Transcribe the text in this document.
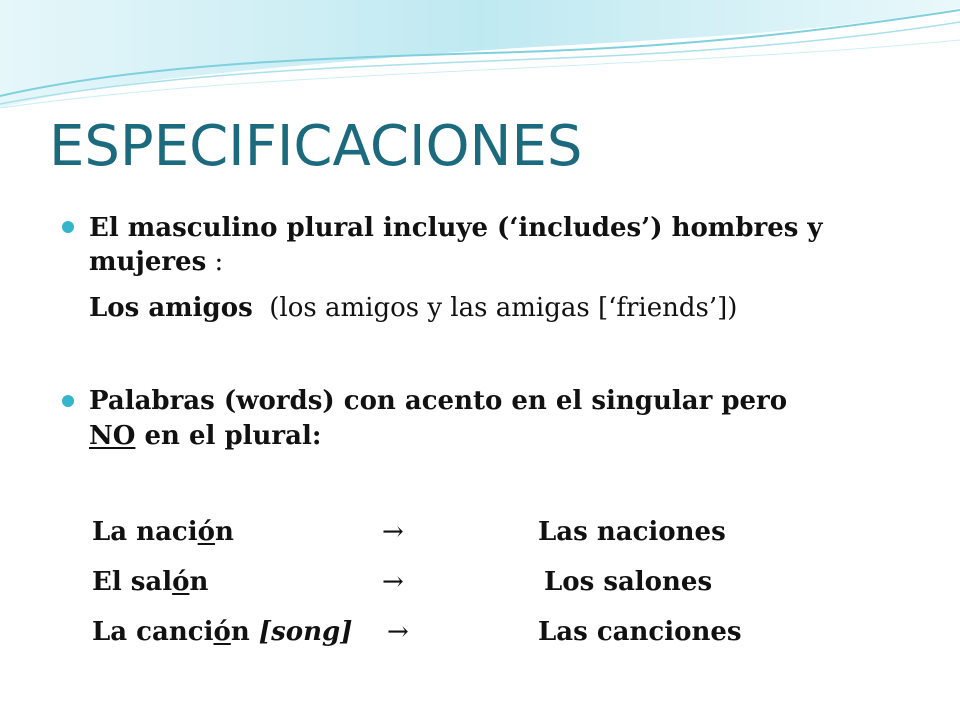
ESPECIFICACIONES
El masculino plural incluye (‘includes’) hombres y
mujeres :
Los amigos (los amigos y las amigas [‘friends’])
Palabras (words) con acento en el singular pero
NO en el plural:
La nación	→	Las naciones
El salón	→	Los salones
La canción [song] →	Las canciones
